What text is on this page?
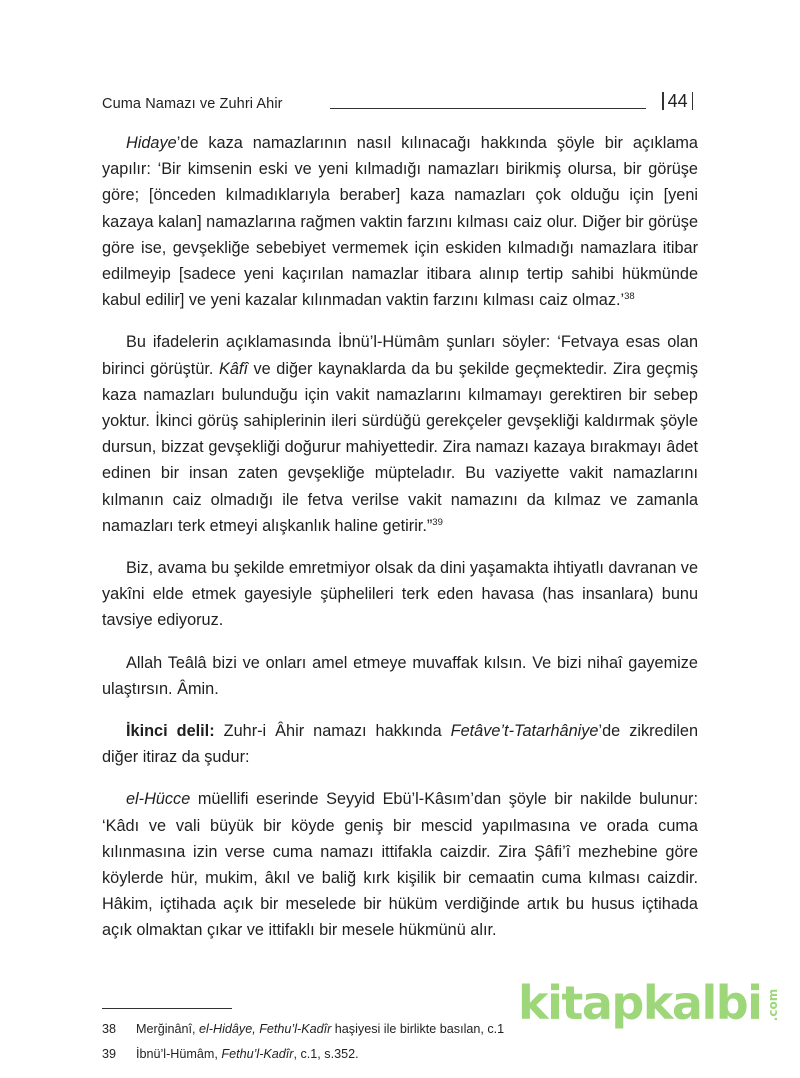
Cuma Namazı ve Zuhri Ahir	44

Hidaye’de kaza namazlarının nasıl kılınacağı hakkında şöyle bir açıklama yapılır: ‘Bir kimsenin eski ve yeni kılmadığı namazları birikmiş olursa, bir görüşe göre; [önceden kılmadıklarıyla beraber] kaza namazları çok olduğu için [yeni kazaya kalan] namazlarına rağmen vaktin farzını kılması caiz olur. Diğer bir görüşe göre ise, gevşekliğe sebebiyet vermemek için eskiden kılmadığı namazlara itibar edilmeyip [sadece yeni kaçırılan namazlar itibara alınıp tertip sahibi hükmünde kabul edilir] ve yeni kazalar kılınmadan vaktin farzını kılması caiz olmaz.’$^{38}$

Bu ifadelerin açıklamasında İbnü’l-Hümâm şunları söyler: ‘Fetvaya esas olan birinci görüştür. Kâfî ve diğer kaynaklarda da bu şekilde geçmektedir. Zira geçmiş kaza namazları bulunduğu için vakit namazlarını kılmamayı gerektiren bir sebep yoktur. İkinci görüş sahiplerinin ileri sürdüğü gerekçeler gevşekliği kaldırmak şöyle dursun, bizzat gevşekliği doğurur mahiyettedir. Zira namazı kazaya bırakmayı âdet edinen bir insan zaten gevşekliğe müpteladır. Bu vaziyette vakit namazlarını kılmanın caiz olmadığı ile fetva verilse vakit namazını da kılmaz ve zamanla namazları terk etmeyi alışkanlık haline getirir.”$^{39}$

Biz, avama bu şekilde emretmiyor olsak da dini yaşamakta ihtiyatlı davranan ve yakîni elde etmek gayesiyle şüphelileri terk eden havasa (has insanlara) bunu tavsiye ediyoruz.

Allah Teâlâ bizi ve onları amel etmeye muvaffak kılsın. Ve bizi nihaî gayemize ulaştırsın. Âmin.

İkinci delil: Zuhr-i Âhir namazı hakkında Fetâve’t-Tatarhâniye’de zikredilen diğer itiraz da şudur:

el-Hücce müellifi eserinde Seyyid Ebü’l-Kâsım’dan şöyle bir nakilde bulunur: ‘Kâdı ve vali büyük bir köyde geniş bir mescid yapılmasına ve orada cuma kılınmasına izin verse cuma namazı ittifakla caizdir. Zira Şâfi’î mezhebine göre köylerde hür, mukim, âkıl ve baliğ kırk kişilik bir cemaatin cuma kılması caizdir. Hâkim, içtihada açık bir meselede bir hüküm verdiğinde artık bu husus içtihada açık olmaktan çıkar ve ittifaklı bir mesele hükmünü alır.

38	Merğinânî, el-Hidâye, Fethu’l-Kadîr haşiyesi ile birlikte basılan, c.1
39	İbnü’l-Hümâm, Fethu’l-Kadîr, c.1, s.352.
kitapkalbi .com
